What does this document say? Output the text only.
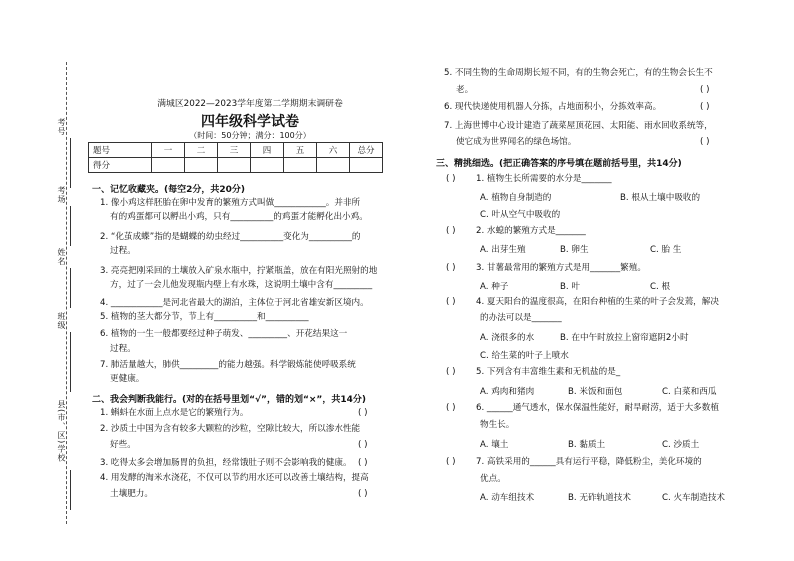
考号
考场
姓名
班级
县(市、区)学校
满城区2022—2023学年度第二学期期末调研卷
四年级科学试卷
（时间：50分钟；满分：100分）
题号	一	二	三	四	五	六	总分
得分							
一、记忆收藏夹。(每空2分，共20分)
1. 像小鸡这样胚胎在卵中发育的繁殖方式叫做____________。并非所
有的鸡蛋都可以孵出小鸡，只有__________的鸡蛋才能孵化出小鸡。
2. “化茧成蝶”指的是蝴蝶的幼虫经过__________变化为__________的
过程。
3. 亮亮把刚采回的土壤放入矿泉水瓶中，拧紧瓶盖，放在有阳光照射的地
方，过了一会儿他发现瓶内壁上有水珠，这说明土壤中含有_________
4. ____________是河北省最大的湖泊，主体位于河北省雄安新区境内。
5. 植物的茎大都分节，节上有__________和__________
6. 植物的一生一般都要经过种子萌发、_________、开花结果这一
过程。
7. 肺活量越大，肺供_________的能力越强。科学锻炼能使呼吸系统
更健康。
二、我会判断我能行。(对的在括号里划“√”，错的划“×”，共14分)
1. 蝌蚪在水面上点水是它的繁殖行为。	( )
2. 沙质土中国为含有较多大颗粒的沙粒，空隙比较大，所以渗水性能
好些。	( )
3. 吃得太多会增加肠胃的负担，经常饿肚子则不会影响我的健康。 ( )
4. 用发酵的淘米水浇花，不仅可以节约用水还可以改善土壤结构，提高
土壤肥力。	( )
5. 不同生物的生命周期长短不同，有的生物会死亡，有的生物会长生不
老。	( )
6. 现代快递使用机器人分拣，占地面积小，分拣效率高。	( )
7. 上海世博中心设计建造了蔬菜屋顶花园、太阳能、雨水回收系统等，
使它成为世界闻名的绿色场馆。	( )
三、精挑细选。(把正确答案的序号填在题前括号里，共14分)
( ) 1. 植物生长所需要的水分是_______
A. 植物自身制造的	B. 根从土壤中吸收的
C. 叶从空气中吸收的
( ) 2. 水螅的繁殖方式是_______
A. 出芽生殖	B. 卵生	C. 胎 生
( ) 3. 甘薯最常用的繁殖方式是用_______繁殖。
A. 种子	B. 叶	C. 根
( ) 4. 夏天阳台的温度很高，在阳台种植的生菜的叶子会发蔫，解决
的办法可以是_______
A. 浇很多的水	B. 在中午时放拉上窗帘遮阴2小时
C. 给生菜的叶子上喷水
( ) 5. 下列含有丰富维生素和无机盐的是_
A. 鸡肉和猪肉	B. 米饭和面包	C. 白菜和西瓜
( ) 6. ______通气透水，保水保温性能好，耐旱耐涝，适于大多数植
物生长。
A. 壤土	B. 黏质土	C. 沙质土
( ) 7. 高铁采用的______具有运行平稳，降低粉尘，美化环境的
优点。
A. 动车组技术	B. 无砟轨道技术	C. 火车制造技术
